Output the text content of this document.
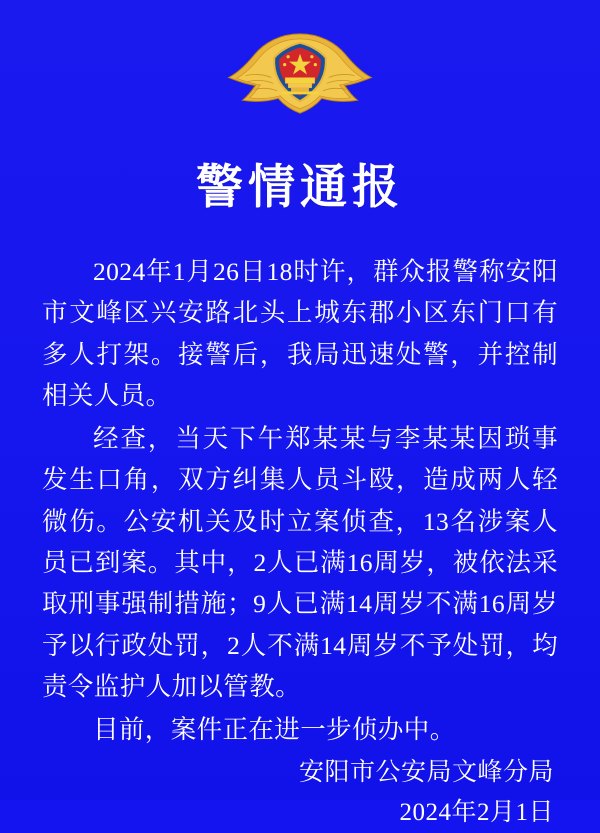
警情通报

2024年1月26日18时许，群众报警称安阳市文峰区兴安路北头上城东郡小区东门口有多人打架。接警后，我局迅速处警，并控制相关人员。

经查，当天下午郑某某与李某某因琐事发生口角，双方纠集人员斗殴，造成两人轻微伤。公安机关及时立案侦查，13名涉案人员已到案。其中，2人已满16周岁，被依法采取刑事强制措施；9人已满14周岁不满16周岁予以行政处罚，2人不满14周岁不予处罚，均责令监护人加以管教。

目前，案件正在进一步侦办中。

安阳市公安局文峰分局
2024年2月1日
